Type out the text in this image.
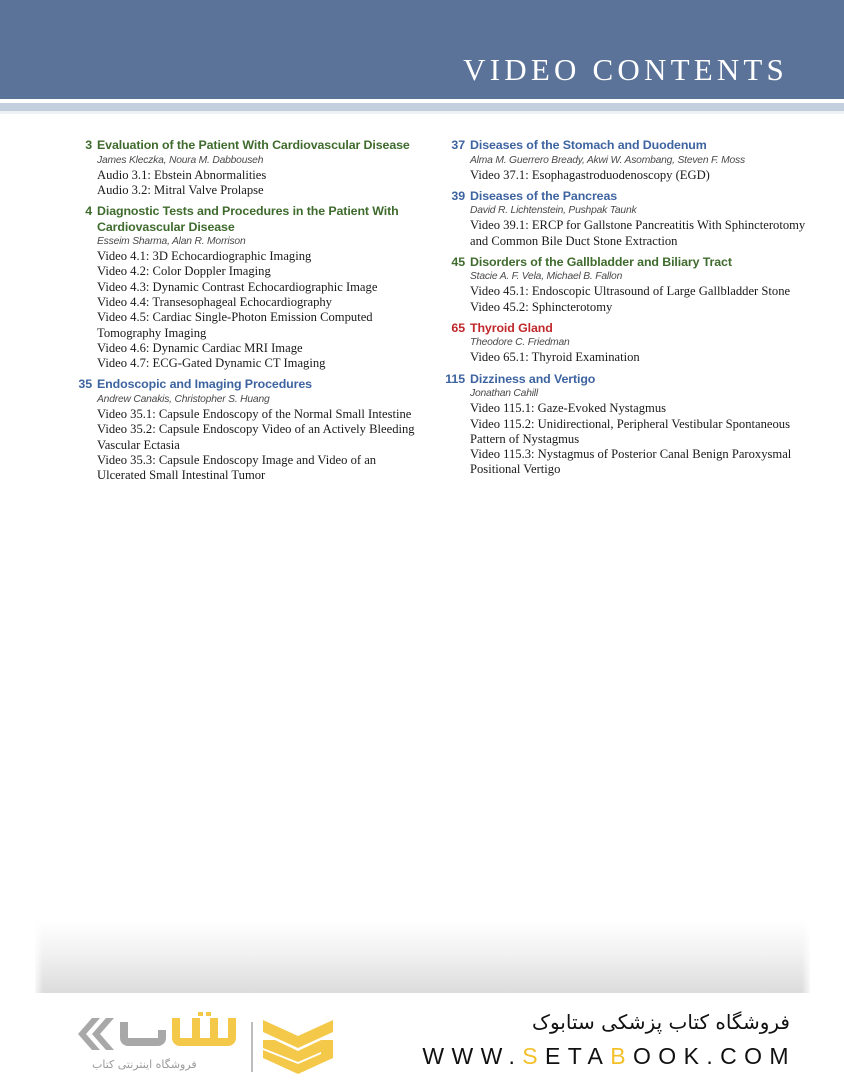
VIDEO CONTENTS
3 Evaluation of the Patient With Cardiovascular Disease
James Kleczka, Noura M. Dabbouseh
Audio 3.1: Ebstein Abnormalities
Audio 3.2: Mitral Valve Prolapse
4 Diagnostic Tests and Procedures in the Patient With Cardiovascular Disease
Esseim Sharma, Alan R. Morrison
Video 4.1: 3D Echocardiographic Imaging
Video 4.2: Color Doppler Imaging
Video 4.3: Dynamic Contrast Echocardiographic Image
Video 4.4: Transesophageal Echocardiography
Video 4.5: Cardiac Single-Photon Emission Computed Tomography Imaging
Video 4.6: Dynamic Cardiac MRI Image
Video 4.7: ECG-Gated Dynamic CT Imaging
35 Endoscopic and Imaging Procedures
Andrew Canakis, Christopher S. Huang
Video 35.1: Capsule Endoscopy of the Normal Small Intestine
Video 35.2: Capsule Endoscopy Video of an Actively Bleeding Vascular Ectasia
Video 35.3: Capsule Endoscopy Image and Video of an Ulcerated Small Intestinal Tumor
37 Diseases of the Stomach and Duodenum
Alma M. Guerrero Bready, Akwi W. Asombang, Steven F. Moss
Video 37.1: Esophagastroduodenoscopy (EGD)
39 Diseases of the Pancreas
David R. Lichtenstein, Pushpak Taunk
Video 39.1: ERCP for Gallstone Pancreatitis With Sphincterotomy and Common Bile Duct Stone Extraction
45 Disorders of the Gallbladder and Biliary Tract
Stacie A. F. Vela, Michael B. Fallon
Video 45.1: Endoscopic Ultrasound of Large Gallbladder Stone
Video 45.2: Sphincterotomy
65 Thyroid Gland
Theodore C. Friedman
Video 65.1: Thyroid Examination
115 Dizziness and Vertigo
Jonathan Cahill
Video 115.1: Gaze-Evoked Nystagmus
Video 115.2: Unidirectional, Peripheral Vestibular Spontaneous Pattern of Nystagmus
Video 115.3: Nystagmus of Posterior Canal Benign Paroxysmal Positional Vertigo
فروشگاه اینترنتی کتاب
فروشگاه کتاب پزشکی ستابوک
WWW.SETABOOK.COM
